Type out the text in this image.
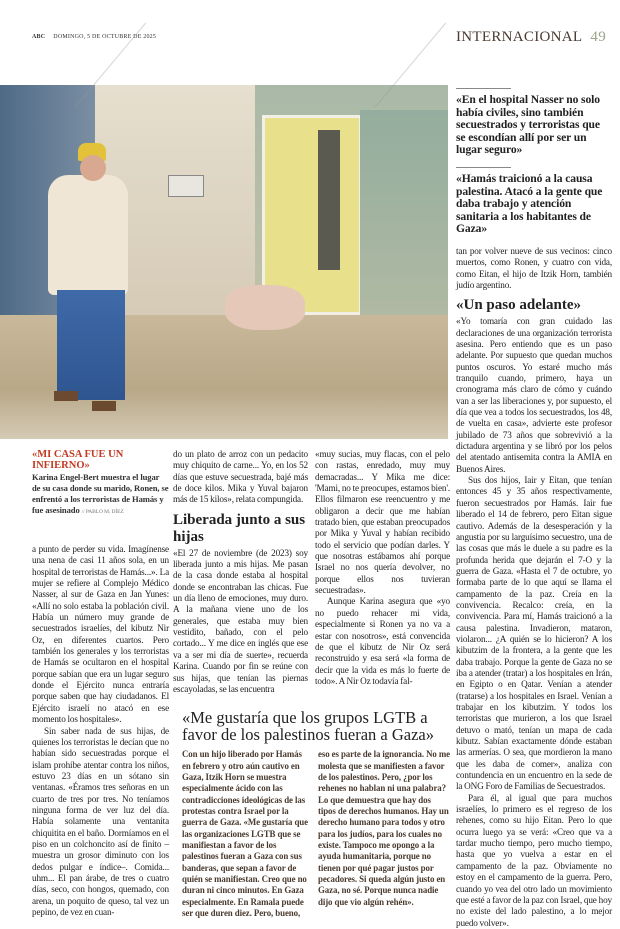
ABC DOMINGO, 5 DE OCTUBRE DE 2025	INTERNACIONAL 49
«MI CASA FUE UN INFIERNO»
Karina Engel-Bert muestra el lugar de su casa donde su marido, Ronen, se enfrentó a los terroristas de Hamás y fue asesinado // PABLO M. DÍEZ

a punto de perder su vida. Imagínense una nena de casi 11 años sola, en un hospital de terroristas de Hamás...». La mujer se refiere al Complejo Médico Nasser, al sur de Gaza en Jan Yunes: «Allí no solo estaba la población civil. Había un número muy grande de secuestrados israelíes, del kibutz Nir Oz, en diferentes cuartos. Pero también los generales y los terroristas de Hamás se ocultaron en el hospital porque sabían que era un lugar seguro donde el Ejército nunca entraría porque saben que hay ciudadanos. El Ejército israelí no atacó en ese momento los hospitales».

Sin saber nada de sus hijas, de quienes los terroristas le decían que no habían sido secuestradas porque el islam prohíbe atentar contra los niños, estuvo 23 días en un sótano sin ventanas. «Éramos tres señoras en un cuarto de tres por tres. No teníamos ninguna forma de ver luz del día. Había solamente una ventanita chiquitita en el baño. Dormíamos en el piso en un colchoncito así de finito –muestra un grosor diminuto con los dedos pulgar e índice–. Comida... uhm... El pan árabe, de tres o cuatro días, seco, con hongos, quemado, con arena, un poquito de queso, tal vez un pepino, de vez en cuan-

do un plato de arroz con un pedacito muy chiquito de carne... Yo, en los 52 días que estuve secuestrada, bajé más de doce kilos. Mika y Yuval bajaron más de 15 kilos», relata compungida.

Liberada junto a sus hijas

«El 27 de noviembre (de 2023) soy liberada junto a mis hijas. Me pasan de la casa donde estaba al hospital donde se encontraban las chicas. Fue un día lleno de emociones, muy duro. A la mañana viene uno de los generales, que estaba muy bien vestidito, bañado, con el pelo cortado... Y me dice en inglés que ese va a ser mi día de suerte», recuerda Karina. Cuando por fin se reúne con sus hijas, que tenían las piernas escayoladas, se las encuentra

«muy sucias, muy flacas, con el pelo con rastas, enredado, muy muy demacradas... Y Mika me dice: 'Mami, no te preocupes, estamos bien'. Ellos filmaron ese reencuentro y me obligaron a decir que me habían tratado bien, que estaban preocupados por Mika y Yuval y habían recibido todo el servicio que podían darles. Y que nosotras estábamos ahí porque Israel no nos quería devolver, no porque ellos nos tuvieran secuestradas».

Aunque Karina asegura que «yo no puedo rehacer mi vida, especialmente si Ronen ya no va a estar con nosotros», está convencida de que el kibutz de Nir Oz será reconstruido y esa será «la forma de decir que la vida es más lo fuerte de todo». A Nir Oz todavía fal-

«Me gustaría que los grupos LGTB a favor de los palestinos fueran a Gaza»
Con un hijo liberado por Hamás en febrero y otro aún cautivo en Gaza, Itzik Horn se muestra especialmente ácido con las contradicciones ideológicas de las protestas contra Israel por la guerra de Gaza. «Me gustaría que las organizaciones LGTB que se manifiestan a favor de los palestinos fueran a Gaza con sus banderas, que sepan a favor de quién se manifiestan. Creo que no duran ni cinco minutos. En Gaza especialmente. En Ramala puede ser que duren diez. Pero, bueno,
eso es parte de la ignorancia. No me molesta que se manifiesten a favor de los palestinos. Pero, ¿por los rehenes no hablan ni una palabra? Lo que demuestra que hay dos tipos de derechos humanos. Hay un derecho humano para todos y otro para los judíos, para los cuales no existe. Tampoco me opongo a la ayuda humanitaria, porque no tienen por qué pagar justos por pecadores. Si queda algún justo en Gaza, no sé. Porque nunca nadie dijo que vio algún rehén».
«En el hospital Nasser no solo había civiles, sino también secuestrados y terroristas que se escondían allí por ser un lugar seguro»
«Hamás traicionó a la causa palestina. Atacó a la gente que daba trabajo y atención sanitaria a los habitantes de Gaza»

tan por volver nueve de sus vecinos: cinco muertos, como Ronen, y cuatro con vida, como Eitan, el hijo de Itzik Horn, también judío argentino.

«Un paso adelante»

«Yo tomaría con gran cuidado las declaraciones de una organización terrorista asesina. Pero entiendo que es un paso adelante. Por supuesto que quedan muchos puntos oscuros. Yo estaré mucho más tranquilo cuando, primero, haya un cronograma más claro de cómo y cuándo van a ser las liberaciones y, por supuesto, el día que vea a todos los secuestrados, los 48, de vuelta en casa», advierte este profesor jubilado de 73 años que sobrevivió a la dictadura argentina y se libró por los pelos del atentado antisemita contra la AMIA en Buenos Aires.

Sus dos hijos, Iair y Eitan, que tenían entonces 45 y 35 años respectivamente, fueron secuestrados por Hamás. Iair fue liberado el 14 de febrero, pero Eitan sigue cautivo. Además de la desesperación y la angustia por su larguísimo secuestro, una de las cosas que más le duele a su padre es la profunda herida que dejarán el 7-O y la guerra de Gaza. «Hasta el 7 de octubre, yo formaba parte de lo que aquí se llama el campamento de la paz. Creía en la convivencia. Recalco: creía, en la convivencia. Para mí, Hamás traicionó a la causa palestina. Invadieron, mataron, violaron... ¿A quién se lo hicieron? A los kibutzim de la frontera, a la gente que les daba trabajo. Porque la gente de Gaza no se iba a atender (tratar) a los hospitales en Irán, en Egipto o en Qatar. Venían a atender (tratarse) a los hospitales en Israel. Venían a trabajar en los kibutzim. Y todos los terroristas que murieron, a los que Israel detuvo o mató, tenían un mapa de cada kibutz. Sabían exactamente dónde estaban las armerías. O sea, que mordieron la mano que les daba de comer», analiza con contundencia en un encuentro en la sede de la ONG Foro de Familias de Secuestrados.

Para él, al igual que para muchos israelíes, lo primero es el regreso de los rehenes, como su hijo Eitan. Pero lo que ocurra luego ya se verá: «Creo que va a tardar mucho tiempo, pero mucho tiempo, hasta que yo vuelva a estar en el campamento de la paz. Obviamente no estoy en el campamento de la guerra. Pero, cuando yo vea del otro lado un movimiento que esté a favor de la paz con Israel, que hoy no existe del lado palestino, a lo mejor puedo volver».
